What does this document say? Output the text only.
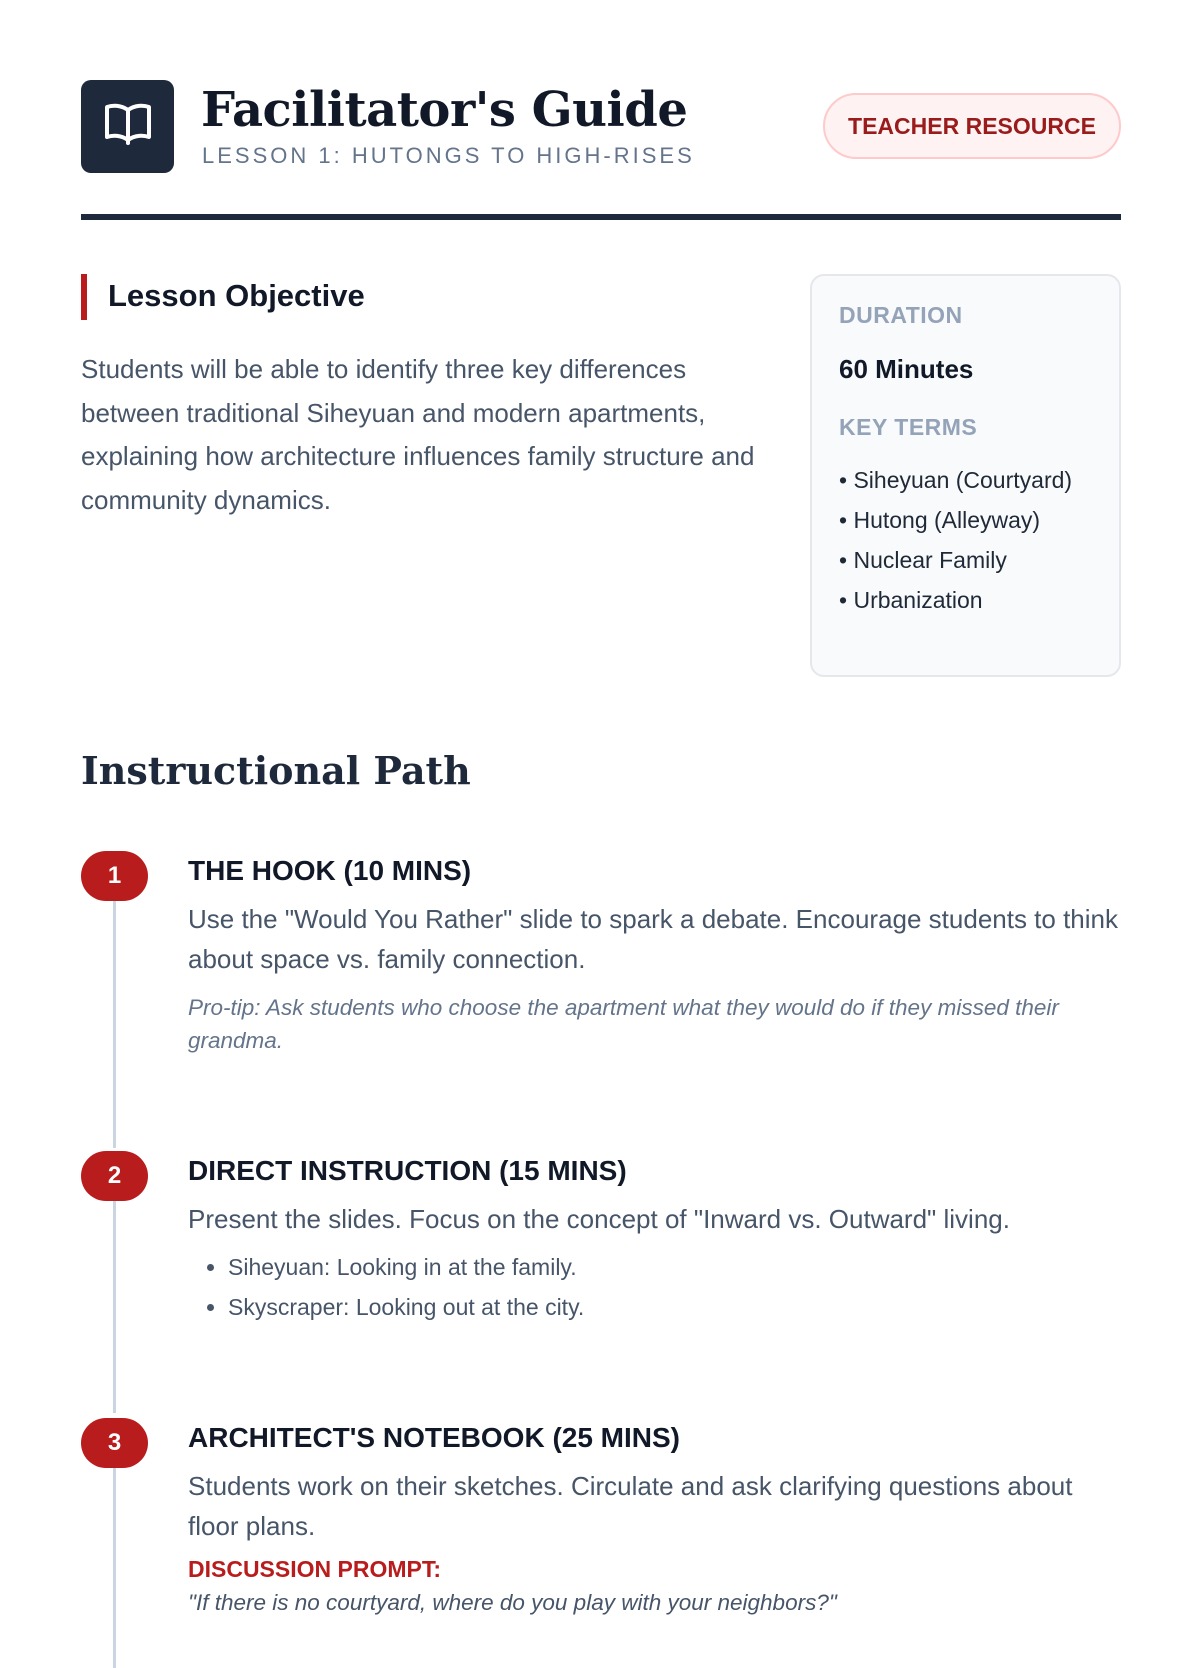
Facilitator's Guide
LESSON 1: HUTONGS TO HIGH-RISES
TEACHER RESOURCE
Lesson Objective
Students will be able to identify three key differences between traditional Siheyuan and modern apartments, explaining how architecture influences family structure and community dynamics.
DURATION
60 Minutes
KEY TERMS
• Siheyuan (Courtyard)
• Hutong (Alleyway)
• Nuclear Family
• Urbanization
Instructional Path
1	THE HOOK (10 MINS)
Use the "Would You Rather" slide to spark a debate. Encourage students to think about space vs. family connection.
Pro-tip: Ask students who choose the apartment what they would do if they missed their grandma.
2	DIRECT INSTRUCTION (15 MINS)
Present the slides. Focus on the concept of "Inward vs. Outward" living.
• Siheyuan: Looking in at the family.
• Skyscraper: Looking out at the city.
3	ARCHITECT'S NOTEBOOK (25 MINS)
Students work on their sketches. Circulate and ask clarifying questions about floor plans.
DISCUSSION PROMPT:
"If there is no courtyard, where do you play with your neighbors?"
